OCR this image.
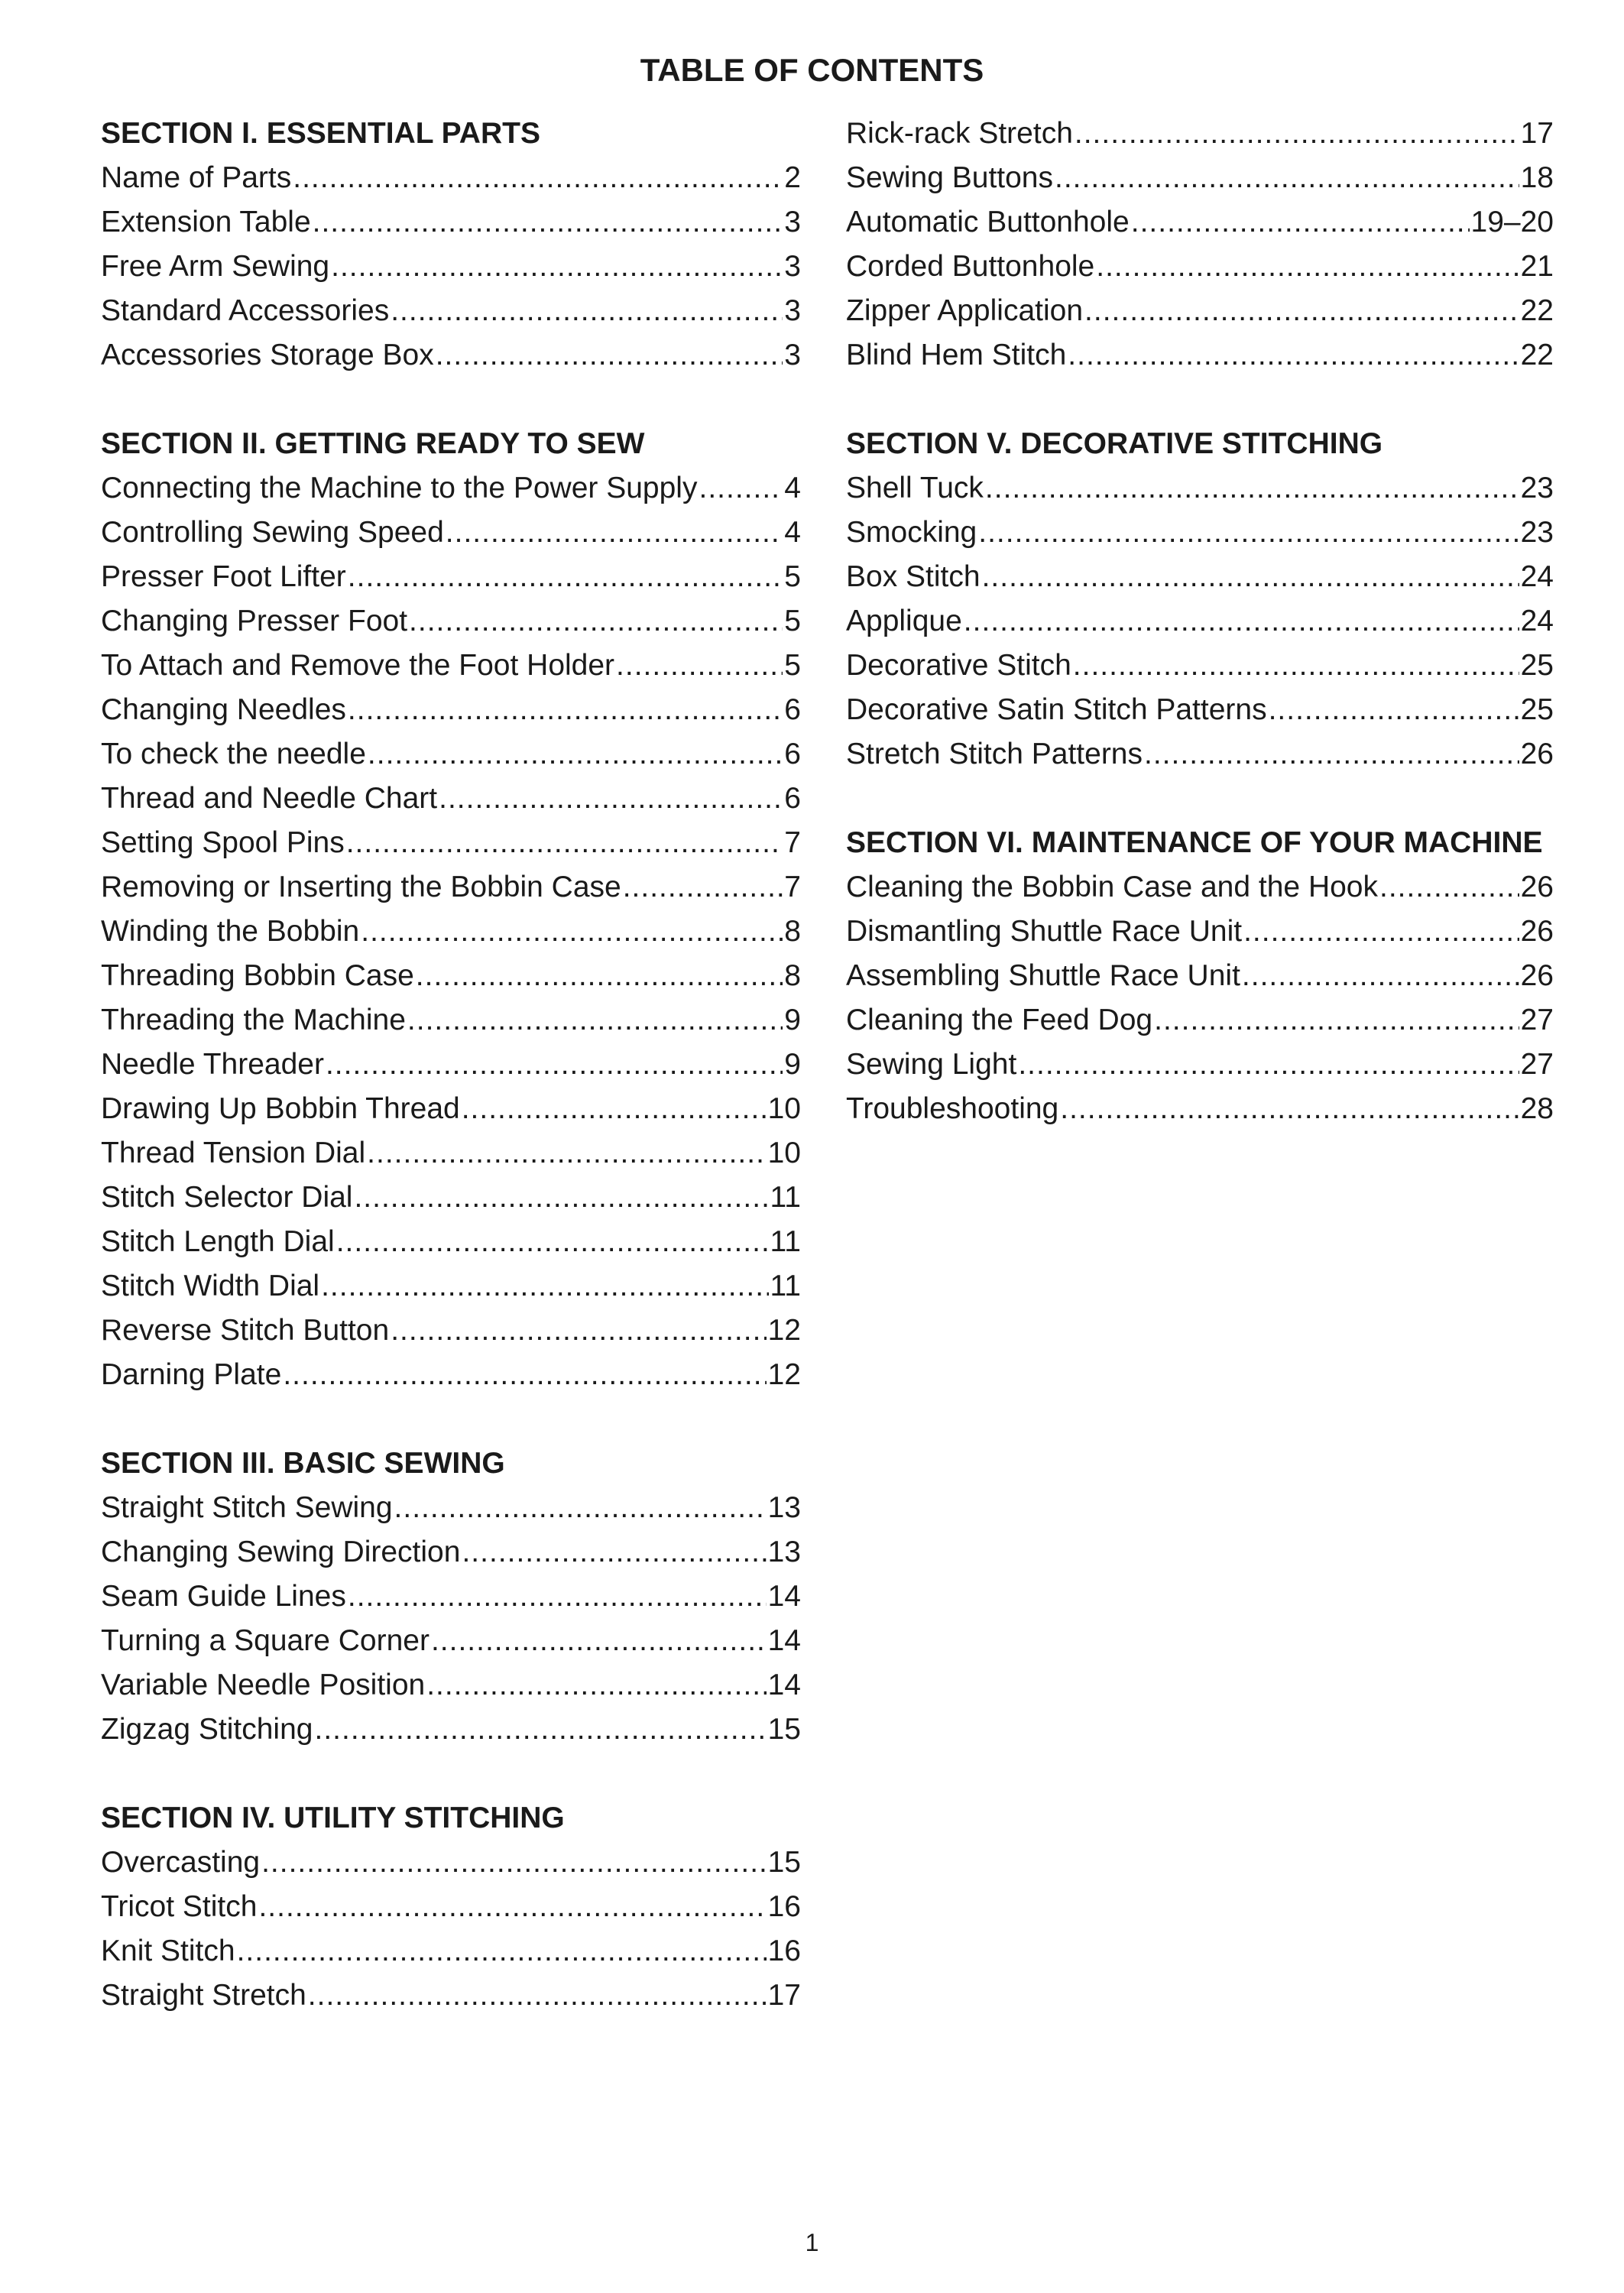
TABLE OF CONTENTS
SECTION I. ESSENTIAL PARTS
Name of Parts .....	2
Extension Table .....	3
Free Arm Sewing .....	3
Standard Accessories .....	3
Accessories Storage Box .....	3
SECTION II. GETTING READY TO SEW
Connecting the Machine to the Power Supply .....	4
Controlling Sewing Speed .....	4
Presser Foot Lifter .....	5
Changing Presser Foot .....	5
To Attach and Remove the Foot Holder .....	5
Changing Needles .....	6
To check the needle .....	6
Thread and Needle Chart .....	6
Setting Spool Pins .....	7
Removing or Inserting the Bobbin Case .....	7
Winding the Bobbin .....	8
Threading Bobbin Case .....	8
Threading the Machine .....	9
Needle Threader .....	9
Drawing Up Bobbin Thread .....	10
Thread Tension Dial .....	10
Stitch Selector Dial .....	11
Stitch Length Dial .....	11
Stitch Width Dial .....	11
Reverse Stitch Button .....	12
Darning Plate .....	12
SECTION III. BASIC SEWING
Straight Stitch Sewing .....	13
Changing Sewing Direction .....	13
Seam Guide Lines .....	14
Turning a Square Corner .....	14
Variable Needle Position .....	14
Zigzag Stitching .....	15
SECTION IV. UTILITY STITCHING
Overcasting .....	15
Tricot Stitch .....	16
Knit Stitch .....	16
Straight Stretch .....	17
Rick-rack Stretch .....	17
Sewing Buttons .....	18
Automatic Buttonhole .....	19–20
Corded Buttonhole .....	21
Zipper Application .....	22
Blind Hem Stitch .....	22
SECTION V. DECORATIVE STITCHING
Shell Tuck .....	23
Smocking .....	23
Box Stitch .....	24
Applique .....	24
Decorative Stitch .....	25
Decorative Satin Stitch Patterns .....	25
Stretch Stitch Patterns .....	26
SECTION VI. MAINTENANCE OF YOUR MACHINE
Cleaning the Bobbin Case and the Hook .....	26
Dismantling Shuttle Race Unit .....	26
Assembling Shuttle Race Unit .....	26
Cleaning the Feed Dog .....	27
Sewing Light .....	27
Troubleshooting .....	28
1
